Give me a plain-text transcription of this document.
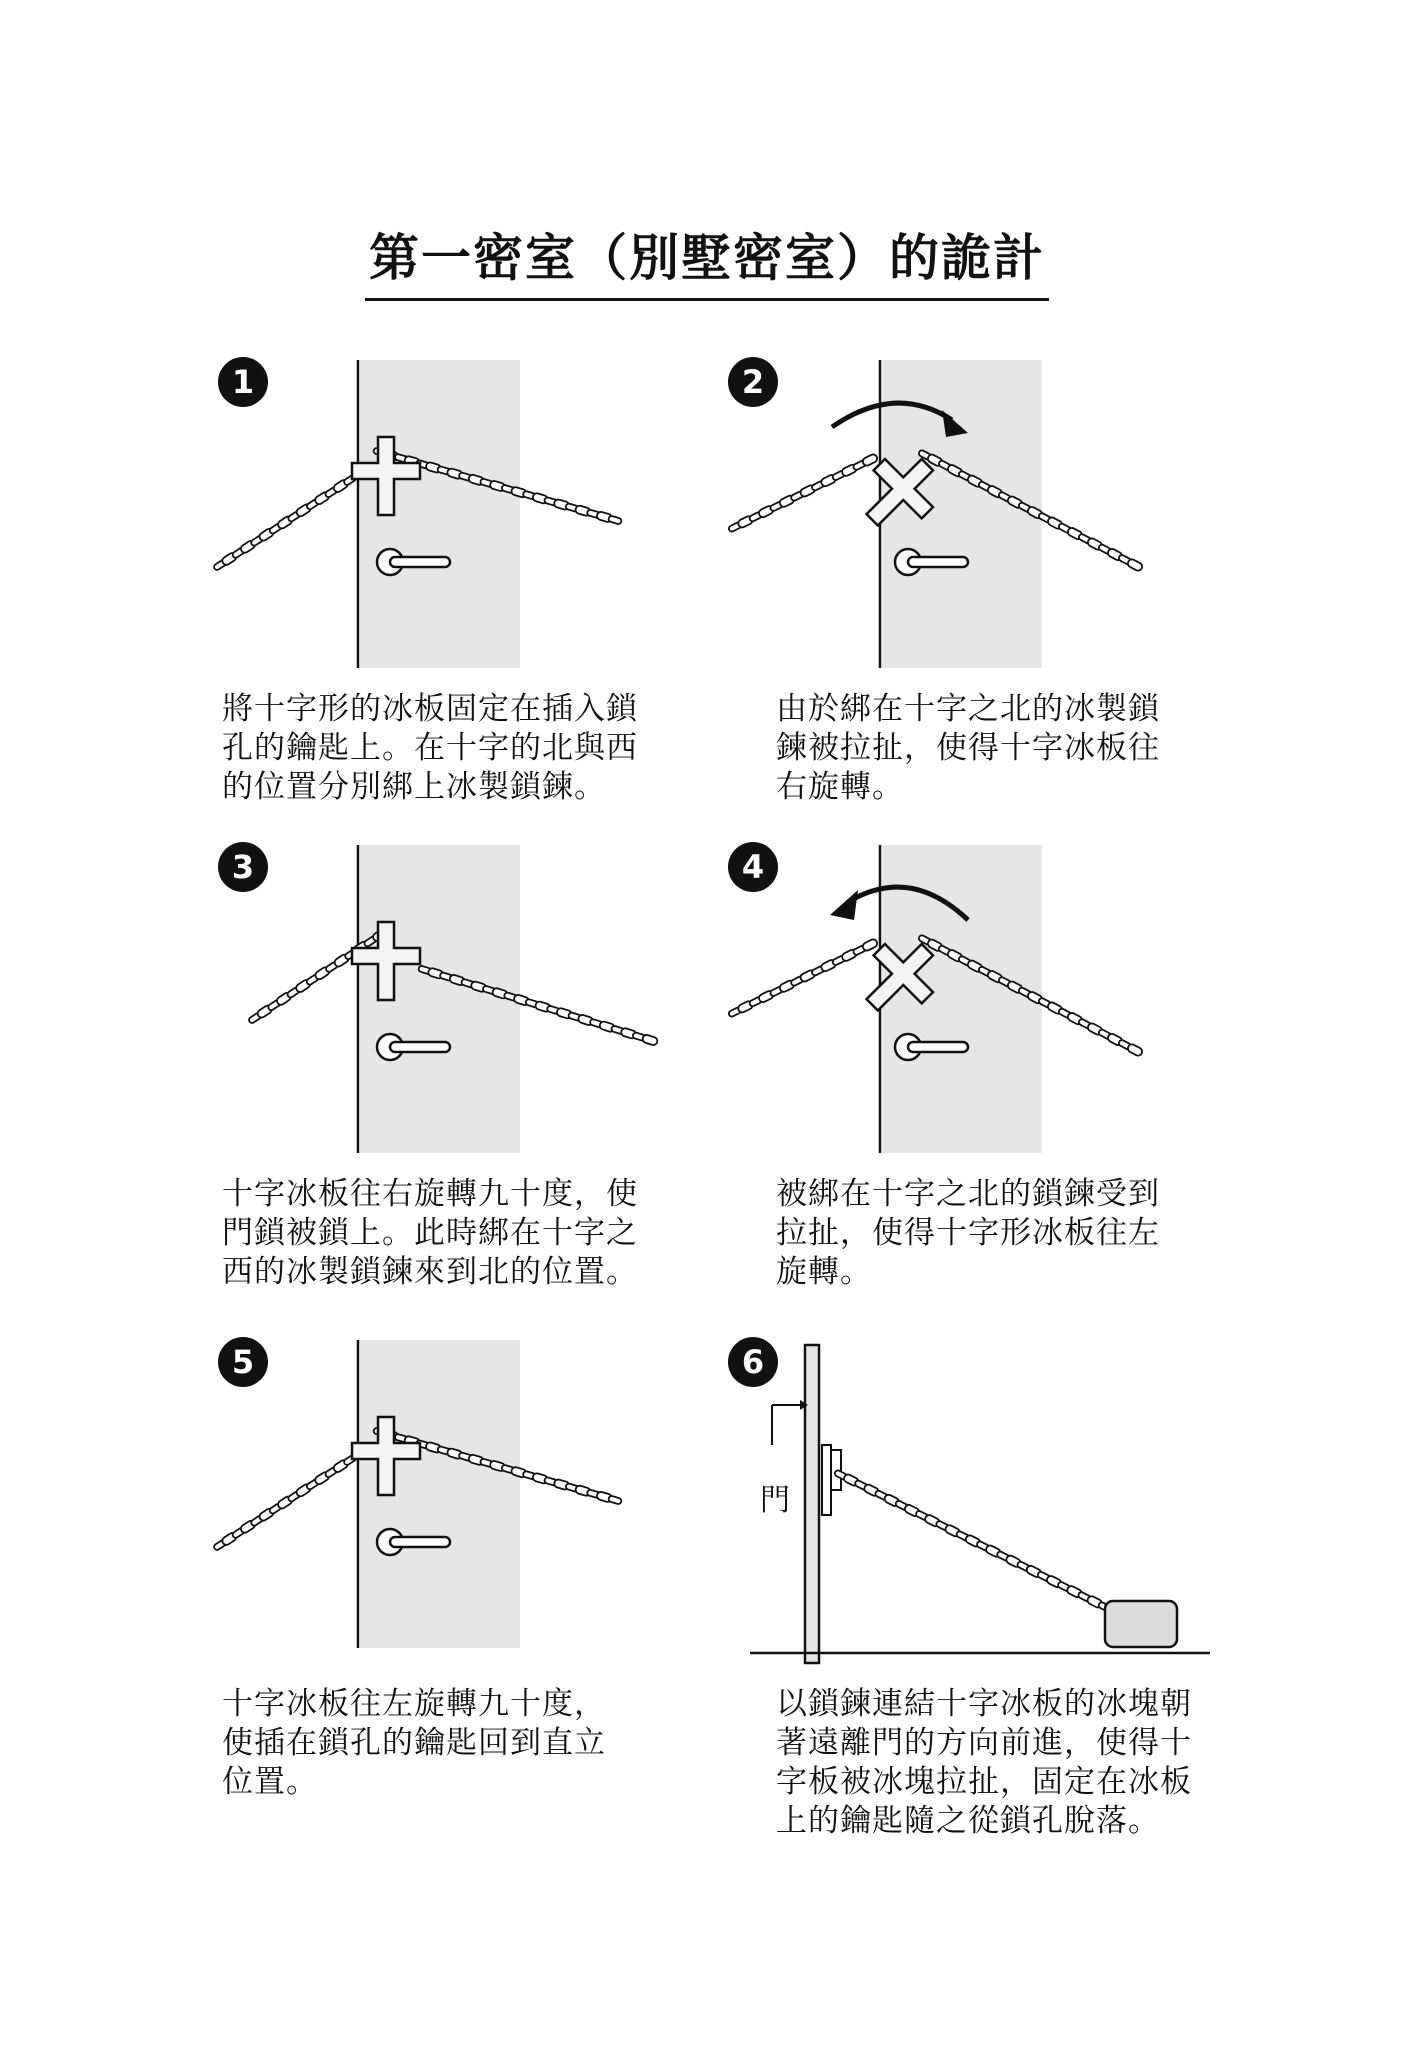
第一密室（別墅密室）的詭計
1
將十字形的冰板固定在插入鎖
孔的鑰匙上。在十字的北與西
的位置分別綁上冰製鎖鍊。
2
由於綁在十字之北的冰製鎖
鍊被拉扯，使得十字冰板往
右旋轉。
3
十字冰板往右旋轉九十度，使
門鎖被鎖上。此時綁在十字之
西的冰製鎖鍊來到北的位置。
4
被綁在十字之北的鎖鍊受到
拉扯，使得十字形冰板往左
旋轉。
5
十字冰板往左旋轉九十度，
使插在鎖孔的鑰匙回到直立
位置。
門
6
以鎖鍊連結十字冰板的冰塊朝
著遠離門的方向前進，使得十
字板被冰塊拉扯，固定在冰板
上的鑰匙隨之從鎖孔脫落。
